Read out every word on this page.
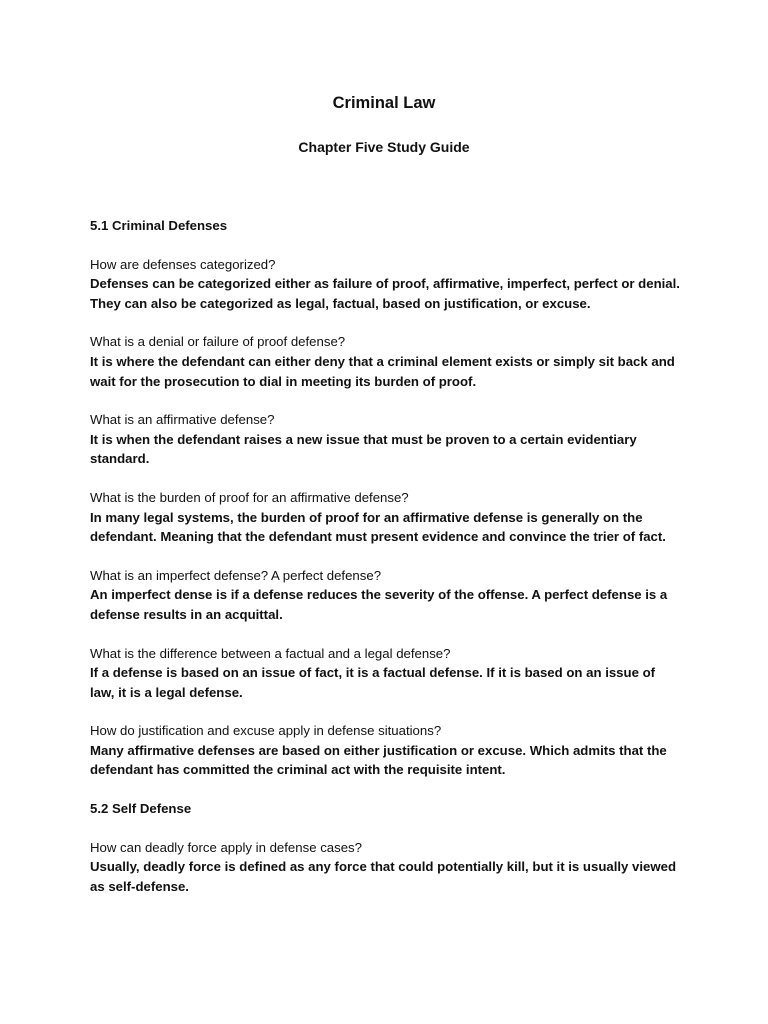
Criminal Law
Chapter Five Study Guide

5.1 Criminal Defenses

How are defenses categorized?

Defenses can be categorized either as failure of proof, affirmative, imperfect, perfect or denial. They can also be categorized as legal, factual, based on justification, or excuse.

What is a denial or failure of proof defense?

It is where the defendant can either deny that a criminal element exists or simply sit back and wait for the prosecution to dial in meeting its burden of proof.

What is an affirmative defense?

It is when the defendant raises a new issue that must be proven to a certain evidentiary standard.

What is the burden of proof for an affirmative defense?

In many legal systems, the burden of proof for an affirmative defense is generally on the defendant. Meaning that the defendant must present evidence and convince the trier of fact.

What is an imperfect defense? A perfect defense?

An imperfect dense is if a defense reduces the severity of the offense. A perfect defense is a defense results in an acquittal.

What is the difference between a factual and a legal defense?

If a defense is based on an issue of fact, it is a factual defense. If it is based on an issue of law, it is a legal defense.

How do justification and excuse apply in defense situations?

Many affirmative defenses are based on either justification or excuse. Which admits that the defendant has committed the criminal act with the requisite intent.

5.2 Self Defense

How can deadly force apply in defense cases?

Usually, deadly force is defined as any force that could potentially kill, but it is usually viewed as self-defense.
